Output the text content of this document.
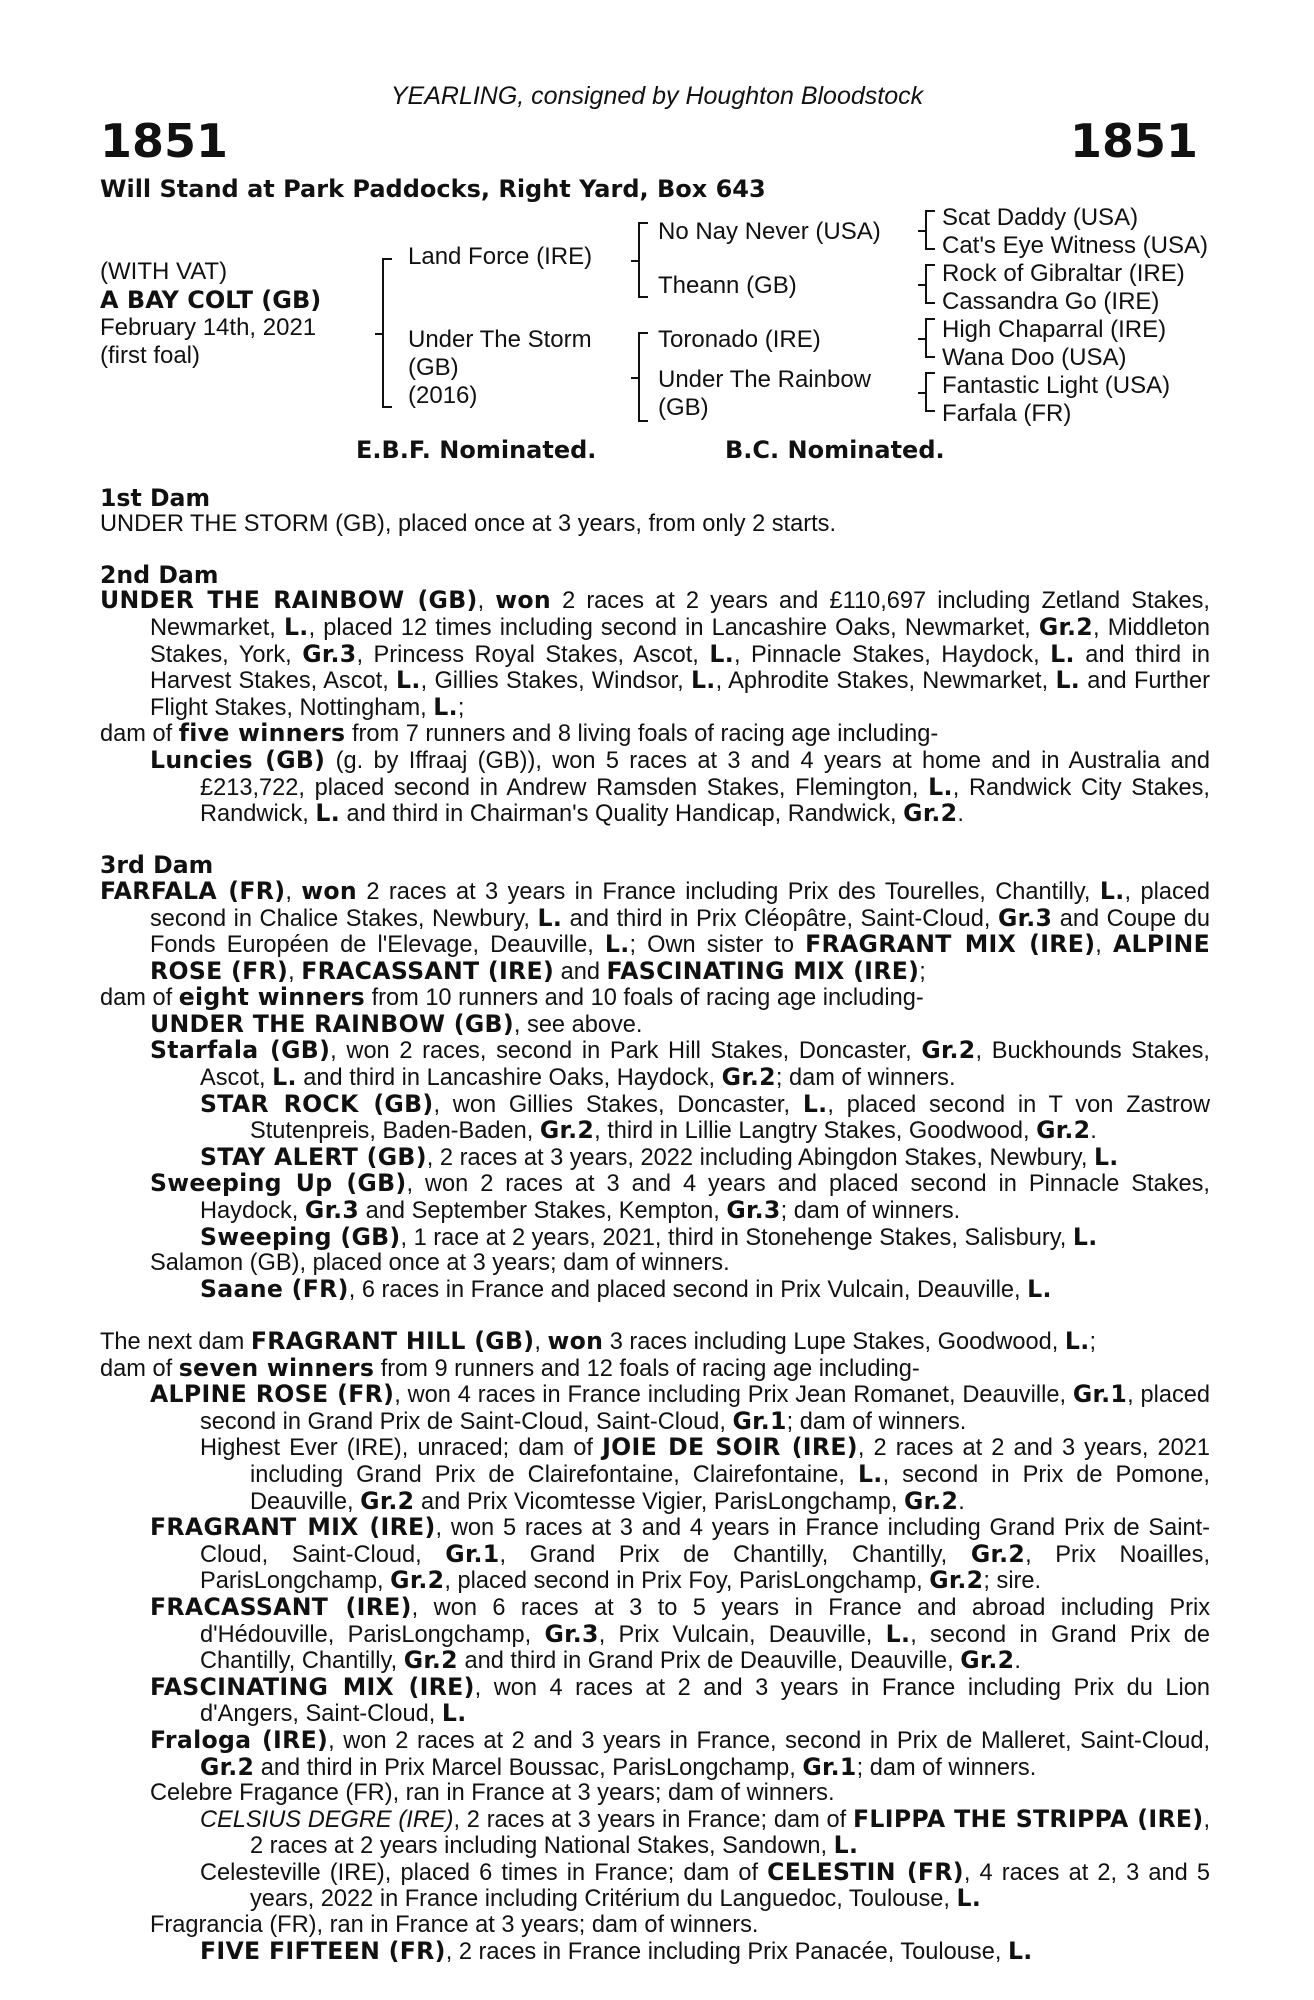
YEARLING, consigned by Houghton Bloodstock
1851	1851
Will Stand at Park Paddocks, Right Yard, Box 643
(WITH VAT)
A BAY COLT (GB)
February 14th, 2021
(first foal)
Land Force (IRE)
Under The Storm
(GB)
(2016)
No Nay Never (USA)
Theann (GB)
Toronado (IRE)
Under The Rainbow
(GB)
Scat Daddy (USA)
Cat's Eye Witness (USA)
Rock of Gibraltar (IRE)
Cassandra Go (IRE)
High Chaparral (IRE)
Wana Doo (USA)
Fantastic Light (USA)
Farfala (FR)
E.B.F. Nominated.	B.C. Nominated.

1st Dam

UNDER THE STORM (GB), placed once at 3 years, from only 2 starts.

2nd Dam

UNDER THE RAINBOW (GB), won 2 races at 2 years and £110,697 including Zetland Stakes, Newmarket, L., placed 12 times including second in Lancashire Oaks, Newmarket, Gr.2, Middleton Stakes, York, Gr.3, Princess Royal Stakes, Ascot, L., Pinnacle Stakes, Haydock, L. and third in Harvest Stakes, Ascot, L., Gillies Stakes, Windsor, L., Aphrodite Stakes, Newmarket, L. and Further Flight Stakes, Nottingham, L.;

dam of five winners from 7 runners and 8 living foals of racing age including-

Luncies (GB) (g. by Iffraaj (GB)), won 5 races at 3 and 4 years at home and in Australia and £213,722, placed second in Andrew Ramsden Stakes, Flemington, L., Randwick City Stakes, Randwick, L. and third in Chairman's Quality Handicap, Randwick, Gr.2.

3rd Dam

FARFALA (FR), won 2 races at 3 years in France including Prix des Tourelles, Chantilly, L., placed second in Chalice Stakes, Newbury, L. and third in Prix Cléopâtre, Saint-Cloud, Gr.3 and Coupe du Fonds Européen de l'Elevage, Deauville, L.; Own sister to FRAGRANT MIX (IRE), ALPINE ROSE (FR), FRACASSANT (IRE) and FASCINATING MIX (IRE);

dam of eight winners from 10 runners and 10 foals of racing age including-

UNDER THE RAINBOW (GB), see above.

Starfala (GB), won 2 races, second in Park Hill Stakes, Doncaster, Gr.2, Buckhounds Stakes, Ascot, L. and third in Lancashire Oaks, Haydock, Gr.2; dam of winners.

STAR ROCK (GB), won Gillies Stakes, Doncaster, L., placed second in T von Zastrow Stutenpreis, Baden-Baden, Gr.2, third in Lillie Langtry Stakes, Goodwood, Gr.2.

STAY ALERT (GB), 2 races at 3 years, 2022 including Abingdon Stakes, Newbury, L.

Sweeping Up (GB), won 2 races at 3 and 4 years and placed second in Pinnacle Stakes, Haydock, Gr.3 and September Stakes, Kempton, Gr.3; dam of winners.

Sweeping (GB), 1 race at 2 years, 2021, third in Stonehenge Stakes, Salisbury, L.

Salamon (GB), placed once at 3 years; dam of winners.

Saane (FR), 6 races in France and placed second in Prix Vulcain, Deauville, L.

The next dam FRAGRANT HILL (GB), won 3 races including Lupe Stakes, Goodwood, L.;

dam of seven winners from 9 runners and 12 foals of racing age including-

ALPINE ROSE (FR), won 4 races in France including Prix Jean Romanet, Deauville, Gr.1, placed second in Grand Prix de Saint-Cloud, Saint-Cloud, Gr.1; dam of winners.

Highest Ever (IRE), unraced; dam of JOIE DE SOIR (IRE), 2 races at 2 and 3 years, 2021 including Grand Prix de Clairefontaine, Clairefontaine, L., second in Prix de Pomone, Deauville, Gr.2 and Prix Vicomtesse Vigier, ParisLongchamp, Gr.2.

FRAGRANT MIX (IRE), won 5 races at 3 and 4 years in France including Grand Prix de Saint-Cloud, Saint-Cloud, Gr.1, Grand Prix de Chantilly, Chantilly, Gr.2, Prix Noailles, ParisLongchamp, Gr.2, placed second in Prix Foy, ParisLongchamp, Gr.2; sire.

FRACASSANT (IRE), won 6 races at 3 to 5 years in France and abroad including Prix d'Hédouville, ParisLongchamp, Gr.3, Prix Vulcain, Deauville, L., second in Grand Prix de Chantilly, Chantilly, Gr.2 and third in Grand Prix de Deauville, Deauville, Gr.2.

FASCINATING MIX (IRE), won 4 races at 2 and 3 years in France including Prix du Lion d'Angers, Saint-Cloud, L.

Fraloga (IRE), won 2 races at 2 and 3 years in France, second in Prix de Malleret, Saint-Cloud, Gr.2 and third in Prix Marcel Boussac, ParisLongchamp, Gr.1; dam of winners.

Celebre Fragance (FR), ran in France at 3 years; dam of winners.

CELSIUS DEGRE (IRE), 2 races at 3 years in France; dam of FLIPPA THE STRIPPA (IRE), 2 races at 2 years including National Stakes, Sandown, L.

Celesteville (IRE), placed 6 times in France; dam of CELESTIN (FR), 4 races at 2, 3 and 5 years, 2022 in France including Critérium du Languedoc, Toulouse, L.

Fragrancia (FR), ran in France at 3 years; dam of winners.

FIVE FIFTEEN (FR), 2 races in France including Prix Panacée, Toulouse, L.
